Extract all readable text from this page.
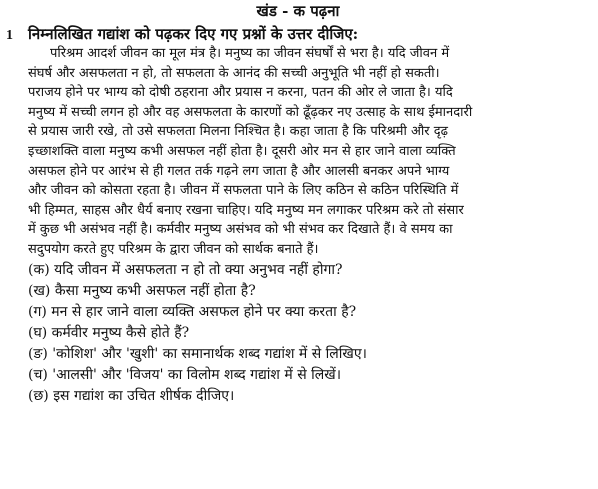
खंड - क पढ़ना
1	निम्नलिखित गद्यांश को पढ़कर दिए गए प्रश्नों के उत्तर दीजिए:
परिश्रम आदर्श जीवन का मूल मंत्र है। मनुष्य का जीवन संघर्षों से भरा है। यदि जीवन में
संघर्ष और असफलता न हो, तो सफलता के आनंद की सच्ची अनुभूति भी नहीं हो सकती।
पराजय होने पर भाग्य को दोषी ठहराना और प्रयास न करना, पतन की ओर ले जाता है। यदि
मनुष्य में सच्ची लगन हो और वह असफलता के कारणों को ढूँढ़कर नए उत्साह के साथ ईमानदारी
से प्रयास जारी रखे, तो उसे सफलता मिलना निश्चित है। कहा जाता है कि परिश्रमी और दृढ़
इच्छाशक्ति वाला मनुष्य कभी असफल नहीं होता है। दूसरी ओर मन से हार जाने वाला व्यक्ति
असफल होने पर आरंभ से ही गलत तर्क गढ़ने लग जाता है और आलसी बनकर अपने भाग्य
और जीवन को कोसता रहता है। जीवन में सफलता पाने के लिए कठिन से कठिन परिस्थिति में
भी हिम्मत, साहस और धैर्य बनाए रखना चाहिए। यदि मनुष्य मन लगाकर परिश्रम करे तो संसार
में कुछ भी असंभव नहीं है। कर्मवीर मनुष्य असंभव को भी संभव कर दिखाते हैं। वे समय का
सदुपयोग करते हुए परिश्रम के द्वारा जीवन को सार्थक बनाते हैं।
(क) यदि जीवन में असफलता न हो तो क्या अनुभव नहीं होगा?
(ख) कैसा मनुष्य कभी असफल नहीं होता है?
(ग) मन से हार जाने वाला व्यक्ति असफल होने पर क्या करता है?
(घ) कर्मवीर मनुष्य कैसे होते हैं?
(ङ) 'कोशिश' और 'खुशी' का समानार्थक शब्द गद्यांश में से लिखिए।
(च) 'आलसी' और 'विजय' का विलोम शब्द गद्यांश में से लिखें।
(छ) इस गद्यांश का उचित शीर्षक दीजिए।
